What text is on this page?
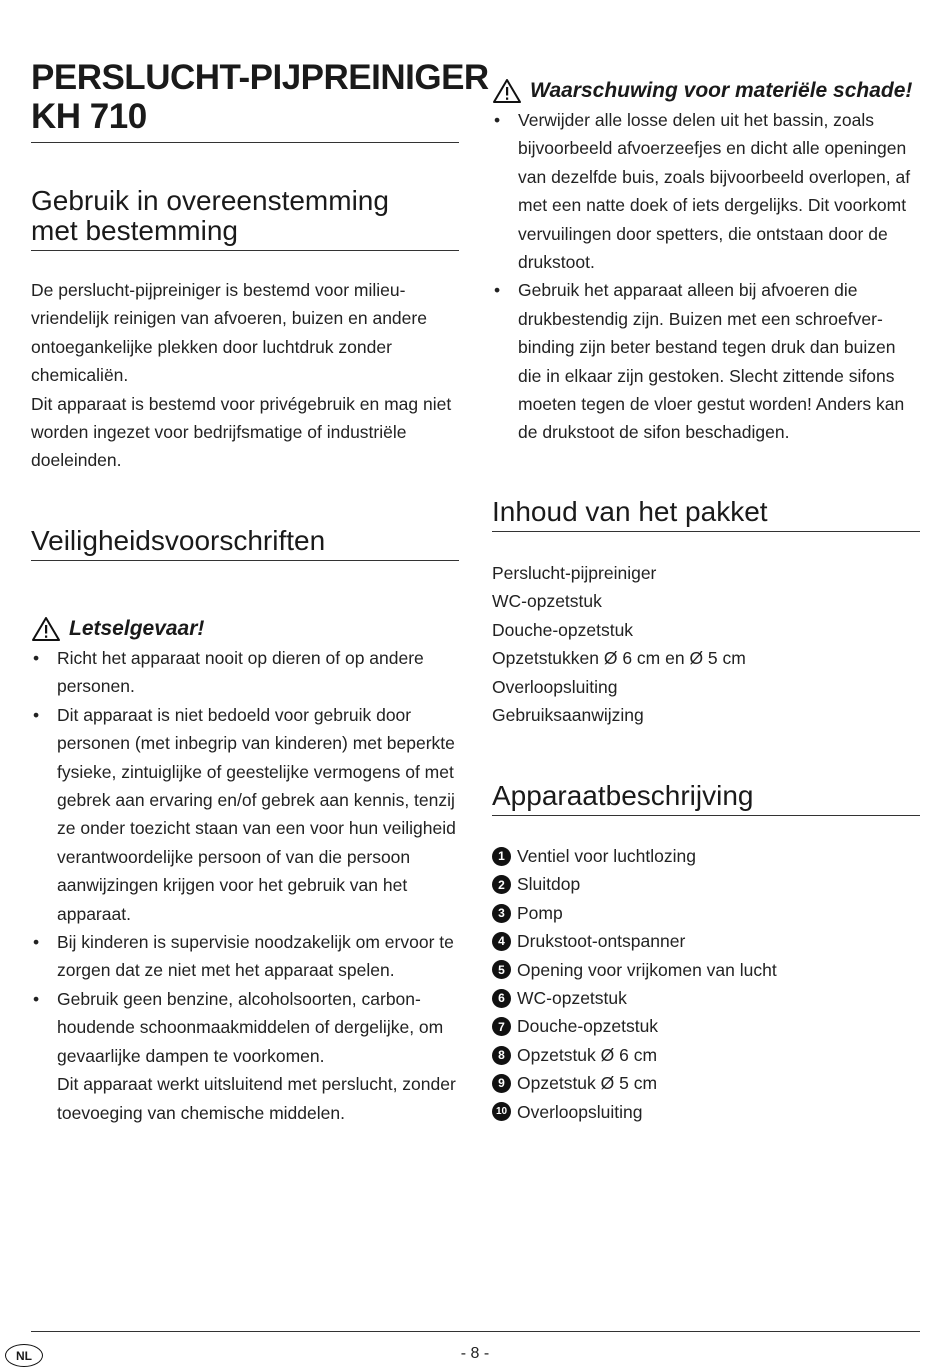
PERSLUCHT-PIJPREINIGER
KH 710
Gebruik in overeenstemming
met bestemming

De perslucht-pijpreiniger is bestemd voor milieu-vriendelijk reinigen van afvoeren, buizen en andere ontoegankelijke plekken door luchtdruk zonder chemicaliën.

Dit apparaat is bestemd voor privégebruik en mag niet worden ingezet voor bedrijfsmatige of industriële doeleinden.

Veiligheidsvoorschriften
Letselgevaar!
• Richt het apparaat nooit op dieren of op andere personen.
• Dit apparaat is niet bedoeld voor gebruik door personen (met inbegrip van kinderen) met beperkte fysieke, zintuiglijke of geestelijke vermogens of met gebrek aan ervaring en/of gebrek aan kennis, tenzij ze onder toezicht staan van een voor hun veiligheid verantwoordelijke persoon of van die persoon aanwijzingen krijgen voor het gebruik van het apparaat.
• Bij kinderen is supervisie noodzakelijk om ervoor te zorgen dat ze niet met het apparaat spelen.
• Gebruik geen benzine, alcoholsoorten, carbon-houdende schoonmaakmiddelen of dergelijke, om gevaarlijke dampen te voorkomen.
Dit apparaat werkt uitsluitend met perslucht, zonder toevoeging van chemische middelen.
Waarschuwing voor materiële schade!
• Verwijder alle losse delen uit het bassin, zoals bijvoorbeeld afvoerzeefjes en dicht alle openingen van dezelfde buis, zoals bijvoorbeeld overlopen, af met een natte doek of iets dergelijks. Dit voorkomt vervuilingen door spetters, die ontstaan door de drukstoot.
• Gebruik het apparaat alleen bij afvoeren die drukbestendig zijn. Buizen met een schroefver-binding zijn beter bestand tegen druk dan buizen die in elkaar zijn gestoken. Slecht zittende sifons moeten tegen de vloer gestut worden! Anders kan de drukstoot de sifon beschadigen.
Inhoud van het pakket
Perslucht-pijpreiniger
WC-opzetstuk
Douche-opzetstuk
Opzetstukken Ø 6 cm en Ø 5 cm
Overloopsluiting
Gebruiksaanwijzing
Apparaatbeschrijving
1 Ventiel voor luchtlozing
2 Sluitdop
3 Pomp
4 Drukstoot-ontspanner
5 Opening voor vrijkomen van lucht
6 WC-opzetstuk
7 Douche-opzetstuk
8 Opzetstuk Ø 6 cm
9 Opzetstuk Ø 5 cm
10 Overloopsluiting
NL	- 8 -
